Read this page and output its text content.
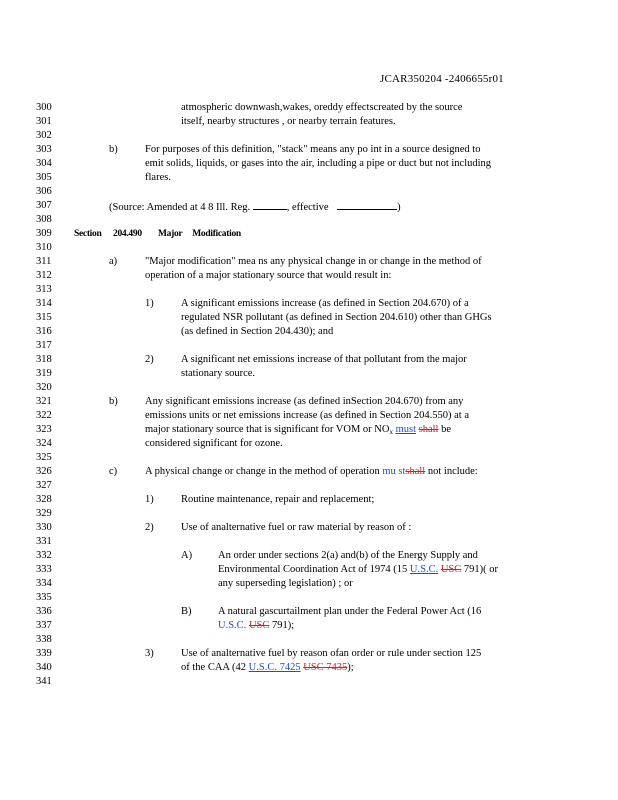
JCAR350204 -2406655r01
300
301
302
303
304
305
306
307
308
309
310
311
312
313
314
315
316
317
318
319
320
321
322
323
324
325
326
327
328
329
330
331
332
333
334
335
336
337
338
339
340
341
atmospheric downwash,wakes, oreddy effectscreated by the source
itself, nearby structures , or nearby terrain features.
b)	For purposes of this definition, "stack" means any po int in a source designed to
emit solids, liquids, or gases into the air, including a pipe or duct but not including
flares.
(Source: Amended at 4 8 Ill. Reg.	, effective	)
Section 204.490 Major Modification
a)	"Major modification" mea ns any physical change in or change in the method of
operation of a major stationary source that would result in:
1)	A significant emissions increase (as defined in Section 204.670) of a
regulated NSR pollutant (as defined in Section 204.610) other than GHGs
(as defined in Section 204.430); and
2)	A significant net emissions increase of that pollutant from the major
stationary source.
b)	Any significant emissions increase (as defined inSection 204.670) from any
emissions units or net emissions increase (as defined in Section 204.550) at a
major stationary source that is significant for VOM or $NO_x$ must shall be
considered significant for ozone.
c)	A physical change or change in the method of operation mu stshall not include:
1)	Routine maintenance, repair and replacement;
2)	Use of analternative fuel or raw material by reason of :
A) An order under sections 2(a) and(b) of the Energy Supply and
Environmental Coordination Act of 1974 (15 U.S.C. USC 791)( or
any superseding legislation) ; or
B)	A natural gascurtailment plan under the Federal Power Act (16
U.S.C. USC 791);
3)	Use of analternative fuel by reason ofan order or rule under section 125
of the CAA (42 U.S.C. 7425 USC 7435);
